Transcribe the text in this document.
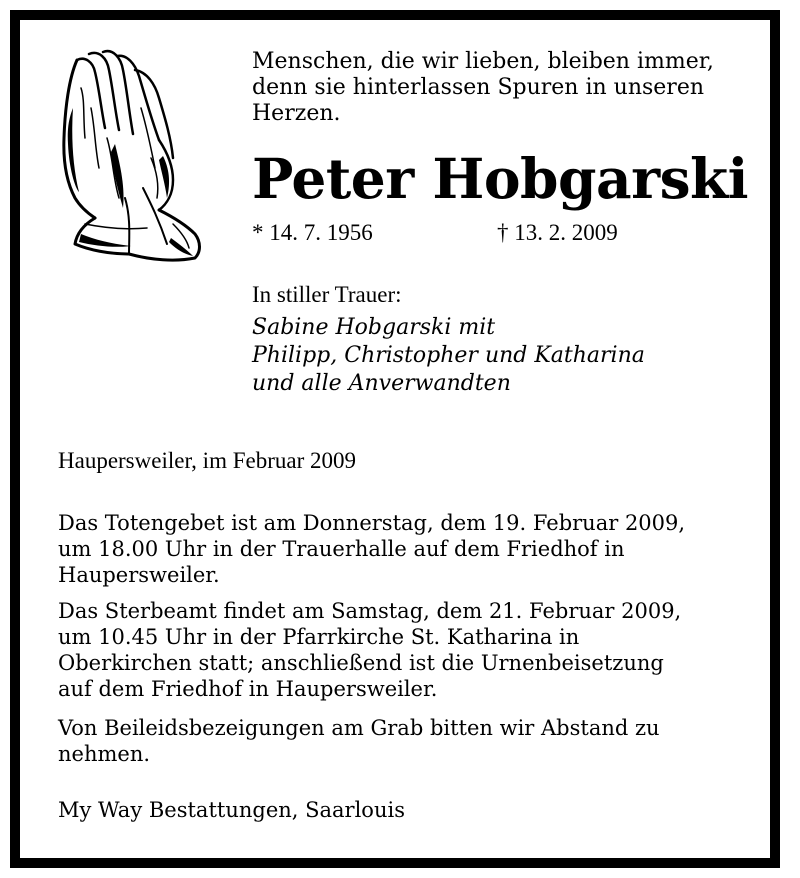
Menschen, die wir lieben, bleiben immer,
denn sie hinterlassen Spuren in unseren
Herzen.

Peter Hobgarski
* 14. 7. 1956	† 13. 2. 2009
In stiller Trauer:
Sabine Hobgarski mit
Philipp, Christopher und Katharina
und alle Anverwandten
Haupersweiler, im Februar 2009

Das Totengebet ist am Donnerstag, dem 19. Februar 2009,
um 18.00 Uhr in der Trauerhalle auf dem Friedhof in
Haupersweiler.

Das Sterbeamt findet am Samstag, dem 21. Februar 2009,
um 10.45 Uhr in der Pfarrkirche St. Katharina in
Oberkirchen statt; anschließend ist die Urnenbeisetzung
auf dem Friedhof in Haupersweiler.

Von Beileidsbezeigungen am Grab bitten wir Abstand zu
nehmen.

My Way Bestattungen, Saarlouis
